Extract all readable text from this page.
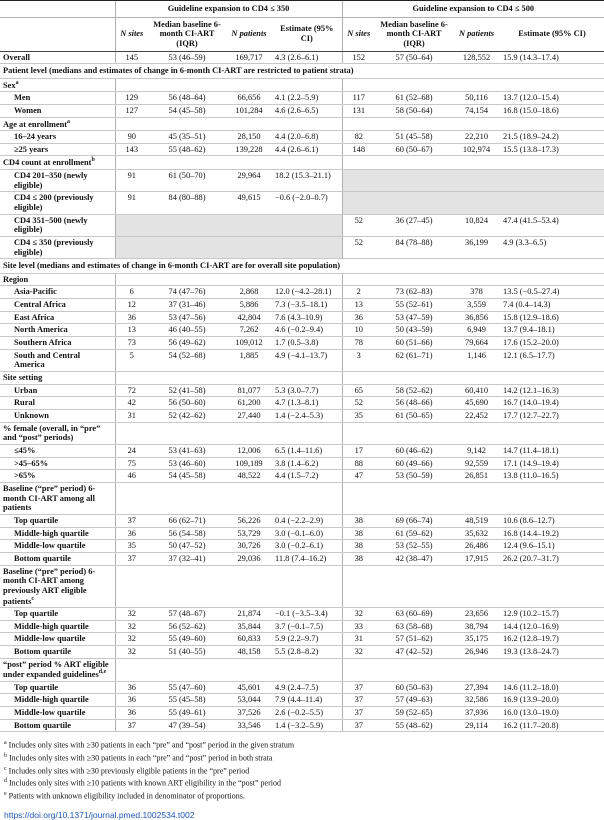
	Guideline expansion to CD4 ≤ 350				Guideline expansion to CD4 ≤ 500			
	N sites	Median baseline 6-month CI-ART (IQR)	N patients	Estimate (95% CI)	N sites	Median baseline 6-month CI-ART (IQR)	N patients	Estimate (95% CI)
Overall	145	53 (46–59)	169,717	4.3 (2.6–6.1)	152	57 (50–64)	128,552	15.9 (14.3–17.4)
Patient level (medians and estimates of change in 6-month CI-ART are restricted to patient strata)								
Sex$^a$								
Men	129	56 (48–64)	66,656	4.1 (2.2–5.9)	117	61 (52–68)	50,116	13.7 (12.0–15.4)
Women	127	54 (45–58)	101,284	4.6 (2.6–6.5)	131	58 (50–64)	74,154	16.8 (15.0–18.6)
Age at enrollment$^a$								
16–24 years	90	45 (35–51)	28,150	4.4 (2.0–6.8)	82	51 (45–58)	22,210	21.5 (18.9–24.2)
≥25 years	143	55 (48–62)	139,228	4.4 (2.6–6.1)	148	60 (50–67)	102,974	15.5 (13.8–17.3)
CD4 count at enrollment$^b$								
CD4 201–350 (newly eligible)	91	61 (50–70)	29,964	18.2 (15.3–21.1)				
CD4 ≤ 200 (previously eligible)	91	84 (80–88)	49,615	−0.6 (−2.0–0.7)				
CD4 351–500 (newly eligible)					52	36 (27–45)	10,824	47.4 (41.5–53.4)
CD4 ≤ 350 (previously eligible)					52	84 (78–88)	36,199	4.9 (3.3–6.5)
Site level (medians and estimates of change in 6-month CI-ART are for overall site population)								
Region								
Asia-Pacific	6	74 (47–76)	2,868	12.0 (−4.2–28.1)	2	73 (62–83)	378	13.5 (−0.5–27.4)
Central Africa	12	37 (31–46)	5,886	7.3 (−3.5–18.1)	13	55 (52–61)	3,559	7.4 (0.4–14.3)
East Africa	36	53 (47–56)	42,804	7.6 (4.3–10.9)	36	53 (47–59)	36,856	15.8 (12.9–18.6)
North America	13	46 (40–55)	7,262	4.6 (−0.2–9.4)	10	50 (43–59)	6,949	13.7 (9.4–18.1)
Southern Africa	73	56 (49–62)	109,012	1.7 (0.5–3.8)	78	60 (51–66)	79,664	17.6 (15.2–20.0)
South and Central America	5	54 (52–68)	1,885	4.9 (−4.1–13.7)	3	62 (61–71)	1,146	12.1 (6.5–17.7)
Site setting								
Urban	72	52 (41–58)	81,077	5.3 (3.0–7.7)	65	58 (52–62)	60,410	14.2 (12.1–16.3)
Rural	42	56 (50–60)	61,200	4.7 (1.3–8.1)	52	56 (48–66)	45,690	16.7 (14.0–19.4)
Unknown	31	52 (42–62)	27,440	1.4 (−2.4–5.3)	35	61 (50–65)	22,452	17.7 (12.7–22.7)
% female (overall, in “pre” and “post” periods)								
≤45%	24	53 (41–63)	12,006	6.5 (1.4–11.6)	17	60 (46–62)	9,142	14.7 (11.4–18.1)
>45–65%	75	53 (46–60)	109,189	3.8 (1.4–6.2)	88	60 (49–66)	92,559	17.1 (14.9–19.4)
>65%	46	54 (45–58)	48,522	4.4 (1.5–7.2)	47	53 (50–59)	26,851	13.8 (11.0–16.5)
Baseline (“pre” period) 6-month CI-ART among all patients								
Top quartile	37	66 (62–71)	56,226	0.4 (−2.2–2.9)	38	69 (66–74)	48,519	10.6 (8.6–12.7)
Middle-high quartile	36	56 (54–58)	53,729	3.0 (−0.1–6.0)	38	61 (59–62)	35,632	16.8 (14.4–19.2)
Middle-low quartile	35	50 (47–52)	30,726	3.0 (−0.2–6.1)	38	53 (52–55)	26,486	12.4 (9.6–15.1)
Bottom quartile	37	37 (32–41)	29,036	11.8 (7.4–16.2)	38	42 (38–47)	17,915	26.2 (20.7–31.7)
Baseline (“pre” period) 6-month CI-ART among previously ART eligible patients$^c$								
Top quartile	32	57 (48–67)	21,874	−0.1 (−3.5–3.4)	32	63 (60–69)	23,656	12.9 (10.2–15.7)
Middle-high quartile	32	56 (52–62)	35,844	3.7 (−0.1–7.5)	33	63 (58–68)	38,794	14.4 (12.0–16.9)
Middle-low quartile	32	55 (49–60)	60,833	5.9 (2.2–9.7)	31	57 (51–62)	35,175	16.2 (12.8–19.7)
Bottom quartile	32	51 (40–55)	48,158	5.5 (2.8–8.2)	32	47 (42–52)	26,946	19.3 (13.8–24.7)
“post” period % ART eligible under expanded guidelines$^{d,e}$								
Top quartile	36	55 (47–60)	45,601	4.9 (2.4–7.5)	37	60 (50–63)	27,394	14.6 (11.2–18.0)
Middle-high quartile	36	55 (45–58)	53,044	7.9 (4.4–11.4)	37	57 (49–63)	32,586	16.9 (13.9–20.0)
Middle-low quartile	36	55 (49–61)	37,526	2.6 (−0.2–5.5)	37	59 (52–65)	37,936	16.0 (13.0–19.0)
Bottom quartile	37	47 (39–54)	33,546	1.4 (−3.2–5.9)	37	55 (48–62)	29,114	16.2 (11.7–20.8)
$^a$ Includes only sites with ≥30 patients in each “pre” and “post” period in the given stratum
$^b$ Includes only sites with ≥30 patients in each “pre” and “post” period in both strata
$^c$ Includes only sites with ≥30 previously eligible patients in the “pre” period
$^d$ Includes only sites with ≥10 patients with known ART eligibility in the “post” period
$^e$ Patients with unknown eligibility included in denominator of proportions.
https://doi.org/10.1371/journal.pmed.1002534.t002
